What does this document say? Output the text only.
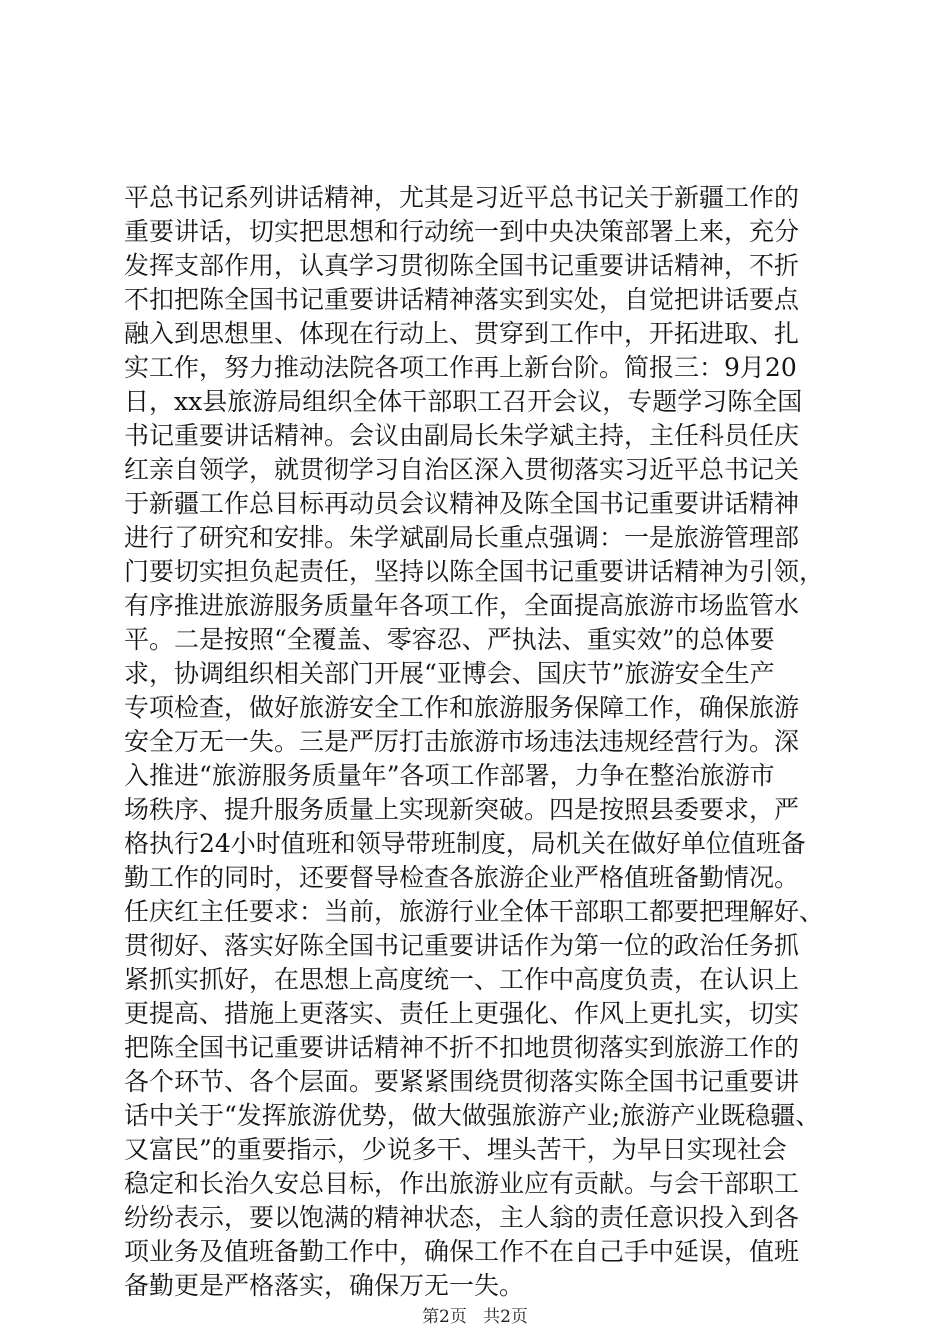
平总书记系列讲话精神，尤其是习近平总书记关于新疆工作的
重要讲话，切实把思想和行动统一到中央决策部署上来，充分
发挥支部作用，认真学习贯彻陈全国书记重要讲话精神，不折
不扣把陈全国书记重要讲话精神落实到实处，自觉把讲话要点
融入到思想里、体现在行动上、贯穿到工作中，开拓进取、扎
实工作，努力推动法院各项工作再上新台阶。简报三：9月20
日，xx县旅游局组织全体干部职工召开会议，专题学习陈全国
书记重要讲话精神。会议由副局长朱学斌主持，主任科员任庆
红亲自领学，就贯彻学习自治区深入贯彻落实习近平总书记关
于新疆工作总目标再动员会议精神及陈全国书记重要讲话精神
进行了研究和安排。朱学斌副局长重点强调：一是旅游管理部
门要切实担负起责任，坚持以陈全国书记重要讲话精神为引领，
有序推进旅游服务质量年各项工作，全面提高旅游市场监管水
平。二是按照“全覆盖、零容忍、严执法、重实效”的总体要
求，协调组织相关部门开展“亚博会、国庆节”旅游安全生产
专项检查，做好旅游安全工作和旅游服务保障工作，确保旅游
安全万无一失。三是严厉打击旅游市场违法违规经营行为。深
入推进“旅游服务质量年”各项工作部署，力争在整治旅游市
场秩序、提升服务质量上实现新突破。四是按照县委要求，严
格执行24小时值班和领导带班制度，局机关在做好单位值班备
勤工作的同时，还要督导检查各旅游企业严格值班备勤情况。
任庆红主任要求：当前，旅游行业全体干部职工都要把理解好、
贯彻好、落实好陈全国书记重要讲话作为第一位的政治任务抓
紧抓实抓好，在思想上高度统一、工作中高度负责，在认识上
更提高、措施上更落实、责任上更强化、作风上更扎实，切实
把陈全国书记重要讲话精神不折不扣地贯彻落实到旅游工作的
各个环节、各个层面。要紧紧围绕贯彻落实陈全国书记重要讲
话中关于“发挥旅游优势，做大做强旅游产业;旅游产业既稳疆、
又富民”的重要指示，少说多干、埋头苦干，为早日实现社会
稳定和长治久安总目标，作出旅游业应有贡献。与会干部职工
纷纷表示，要以饱满的精神状态，主人翁的责任意识投入到各
项业务及值班备勤工作中，确保工作不在自己手中延误，值班
备勤更是严格落实，确保万无一失。
第2页 共2页
